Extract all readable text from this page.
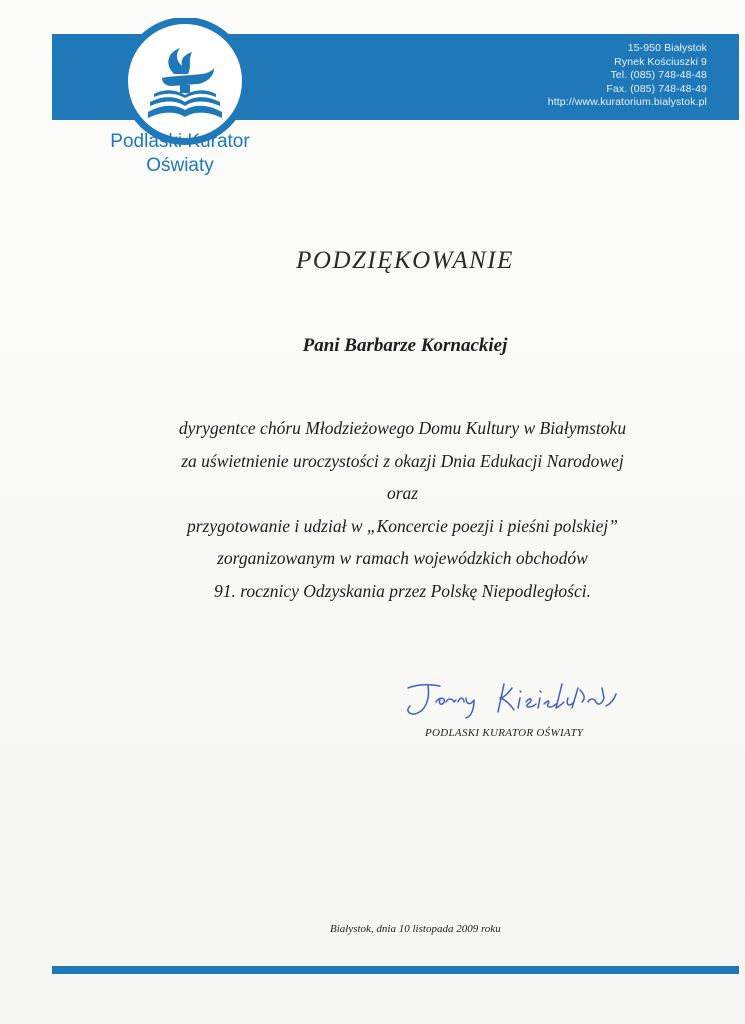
15-950 Białystok
Rynek Kościuszki 9
Tel. (085) 748-48-48
Fax. (085) 748-48-49
http://www.kuratorium.bialystok.pl
Podlaski Kurator
Oświaty
PODZIĘKOWANIE
Pani Barbarze Kornackiej
dyrygentce chóru Młodzieżowego Domu Kultury w Białymstoku
za uświetnienie uroczystości z okazji Dnia Edukacji Narodowej
oraz
przygotowanie i udział w „Koncercie poezji i pieśni polskiej”
zorganizowanym w ramach wojewódzkich obchodów
91. rocznicy Odzyskania przez Polskę Niepodległości.
PODLASKI KURATOR OŚWIATY
Białystok, dnia 10 listopada 2009 roku
